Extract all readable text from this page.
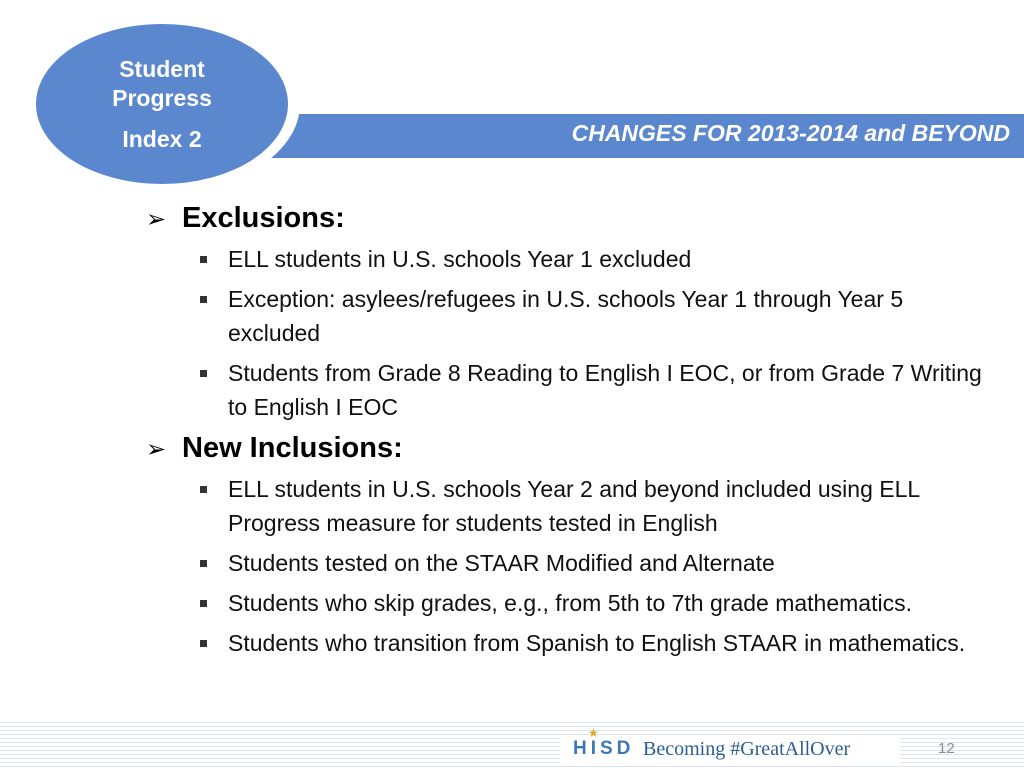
CHANGES FOR 2013-2014 and BEYOND
Student
Progress
Index 2
➢ Exclusions:
ELL students in U.S. schools Year 1 excluded
Exception: asylees/refugees in U.S. schools Year 1 through Year 5 excluded
Students from Grade 8 Reading to English I EOC, or from Grade 7 Writing to English I EOC
➢ New Inclusions:
ELL students in U.S. schools Year 2 and beyond included using ELL Progress measure for students tested in English
Students tested on the STAAR Modified and Alternate
Students who skip grades, e.g., from 5th to 7th grade mathematics.
Students who transition from Spanish to English STAAR in mathematics.
★
HISD Becoming #GreatAllOver	12
